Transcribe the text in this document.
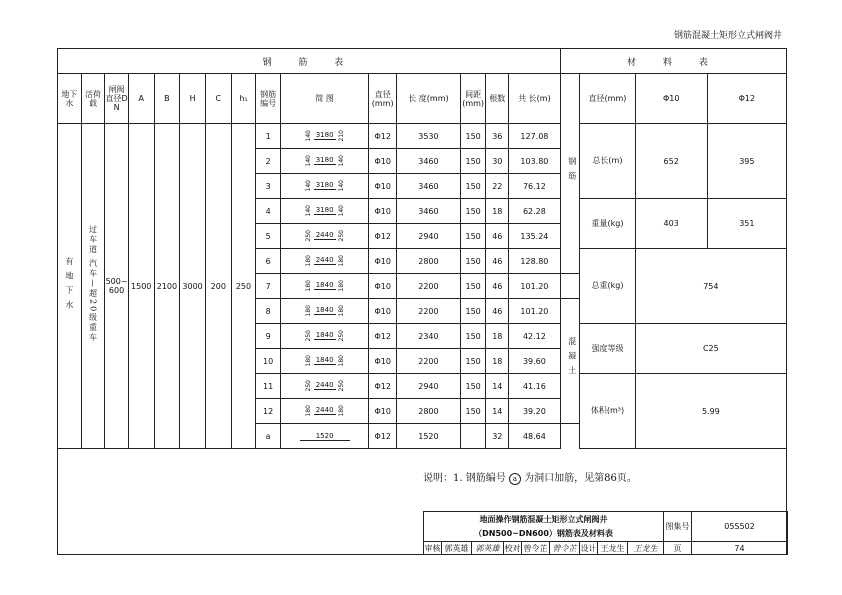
钢筋混凝土矩形立式闸阀井
钢 筋 表															材 料 表			
地下水	活荷载	闸阀直径DN	A	B	H	C	h₁	钢筋编号	简 图	直径(mm)	长 度(mm)	间距(mm)	根数	共 长(m)	钢 筋	直径(mm)	Φ10	Φ12
有 地 下 水	过车道 汽车—超20级重车	500~600	1500	2100	3000	200	250	1	140 3180 210	Φ12	3530	150	36	127.08		总长(m)	652	395
								2	140 3180 140	Φ10	3460	150	30	103.80				
								3	140 3180 140	Φ10	3460	150	22	76.12				
								4	140 3180 140	Φ10	3460	150	18	62.28		重量(kg)	403	351
								5	250 2440 250	Φ12	2940	150	46	135.24				
								6	180 2440 180	Φ10	2800	150	46	128.80		总重(kg)	754	
								7	180 1840 180	Φ10	2200	150	46	101.20				
								8	180 1840 180	Φ10	2200	150	46	101.20	混 凝 土			
								9	250 1840 250	Φ12	2340	150	18	42.12		强度等级	C25	
								10	180 1840 180	Φ10	2200	150	18	39.60				
								11	250 2440 250	Φ12	2940	150	14	41.16		体积(m³)	5.99	
								12	180 2440 180	Φ10	2800	150	14	39.20				
								a	1520	Φ12	1520		32	48.64				
说明：1. 钢筋编号 a 为洞口加筋，见第86页。
地面操作钢筋混凝土矩形立式闸阀井
（DN500~DN600）钢筋表及材料表									图集号	05S502
审核	郭英雄	郭英雄	校对	曾令芷	曾令芷	设计	王龙生	王龙生	页	74
